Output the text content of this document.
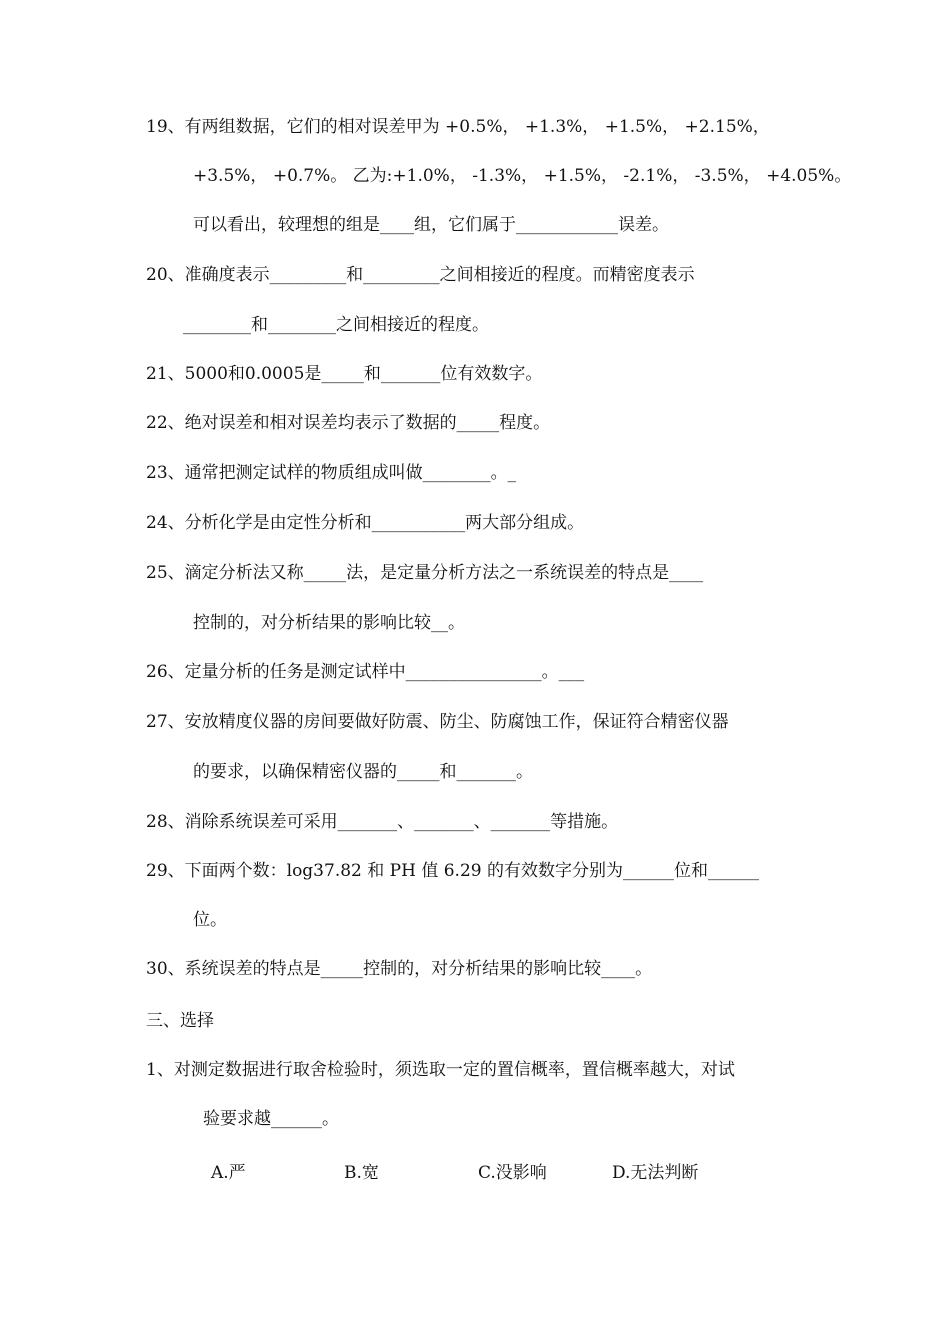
19、有两组数据，它们的相对误差甲为 +0.5%， +1.3%， +1.5%， +2.15%，
+3.5%， +0.7%。 乙为:+1.0%， -1.3%， +1.5%， -2.1%， -3.5%， +4.05%。
可以看出，较理想的组是____组，它们属于____________误差。
20、准确度表示_________和_________之间相接近的程度。而精密度表示
________和________之间相接近的程度。
21、5000和0.0005是_____和_______位有效数字。
22、绝对误差和相对误差均表示了数据的_____程度。
23、通常把测定试样的物质组成叫做________。_
24、分析化学是由定性分析和___________两大部分组成。
25、滴定分析法又称_____法，是定量分析方法之一系统误差的特点是____
控制的，对分析结果的影响比较__。
26、定量分析的任务是测定试样中________________。___
27、安放精度仪器的房间要做好防震、防尘、防腐蚀工作，保证符合精密仪器
的要求，以确保精密仪器的_____和_______。
28、消除系统误差可采用_______、_______、_______等措施。
29、下面两个数：log37.82 和 PH 值 6.29 的有效数字分别为______位和______
位。
30、系统误差的特点是_____控制的，对分析结果的影响比较____。
三、选择
1、对测定数据进行取舍检验时，须选取一定的置信概率，置信概率越大，对试
验要求越______。
A.严	B.宽	C.没影响	D.无法判断
